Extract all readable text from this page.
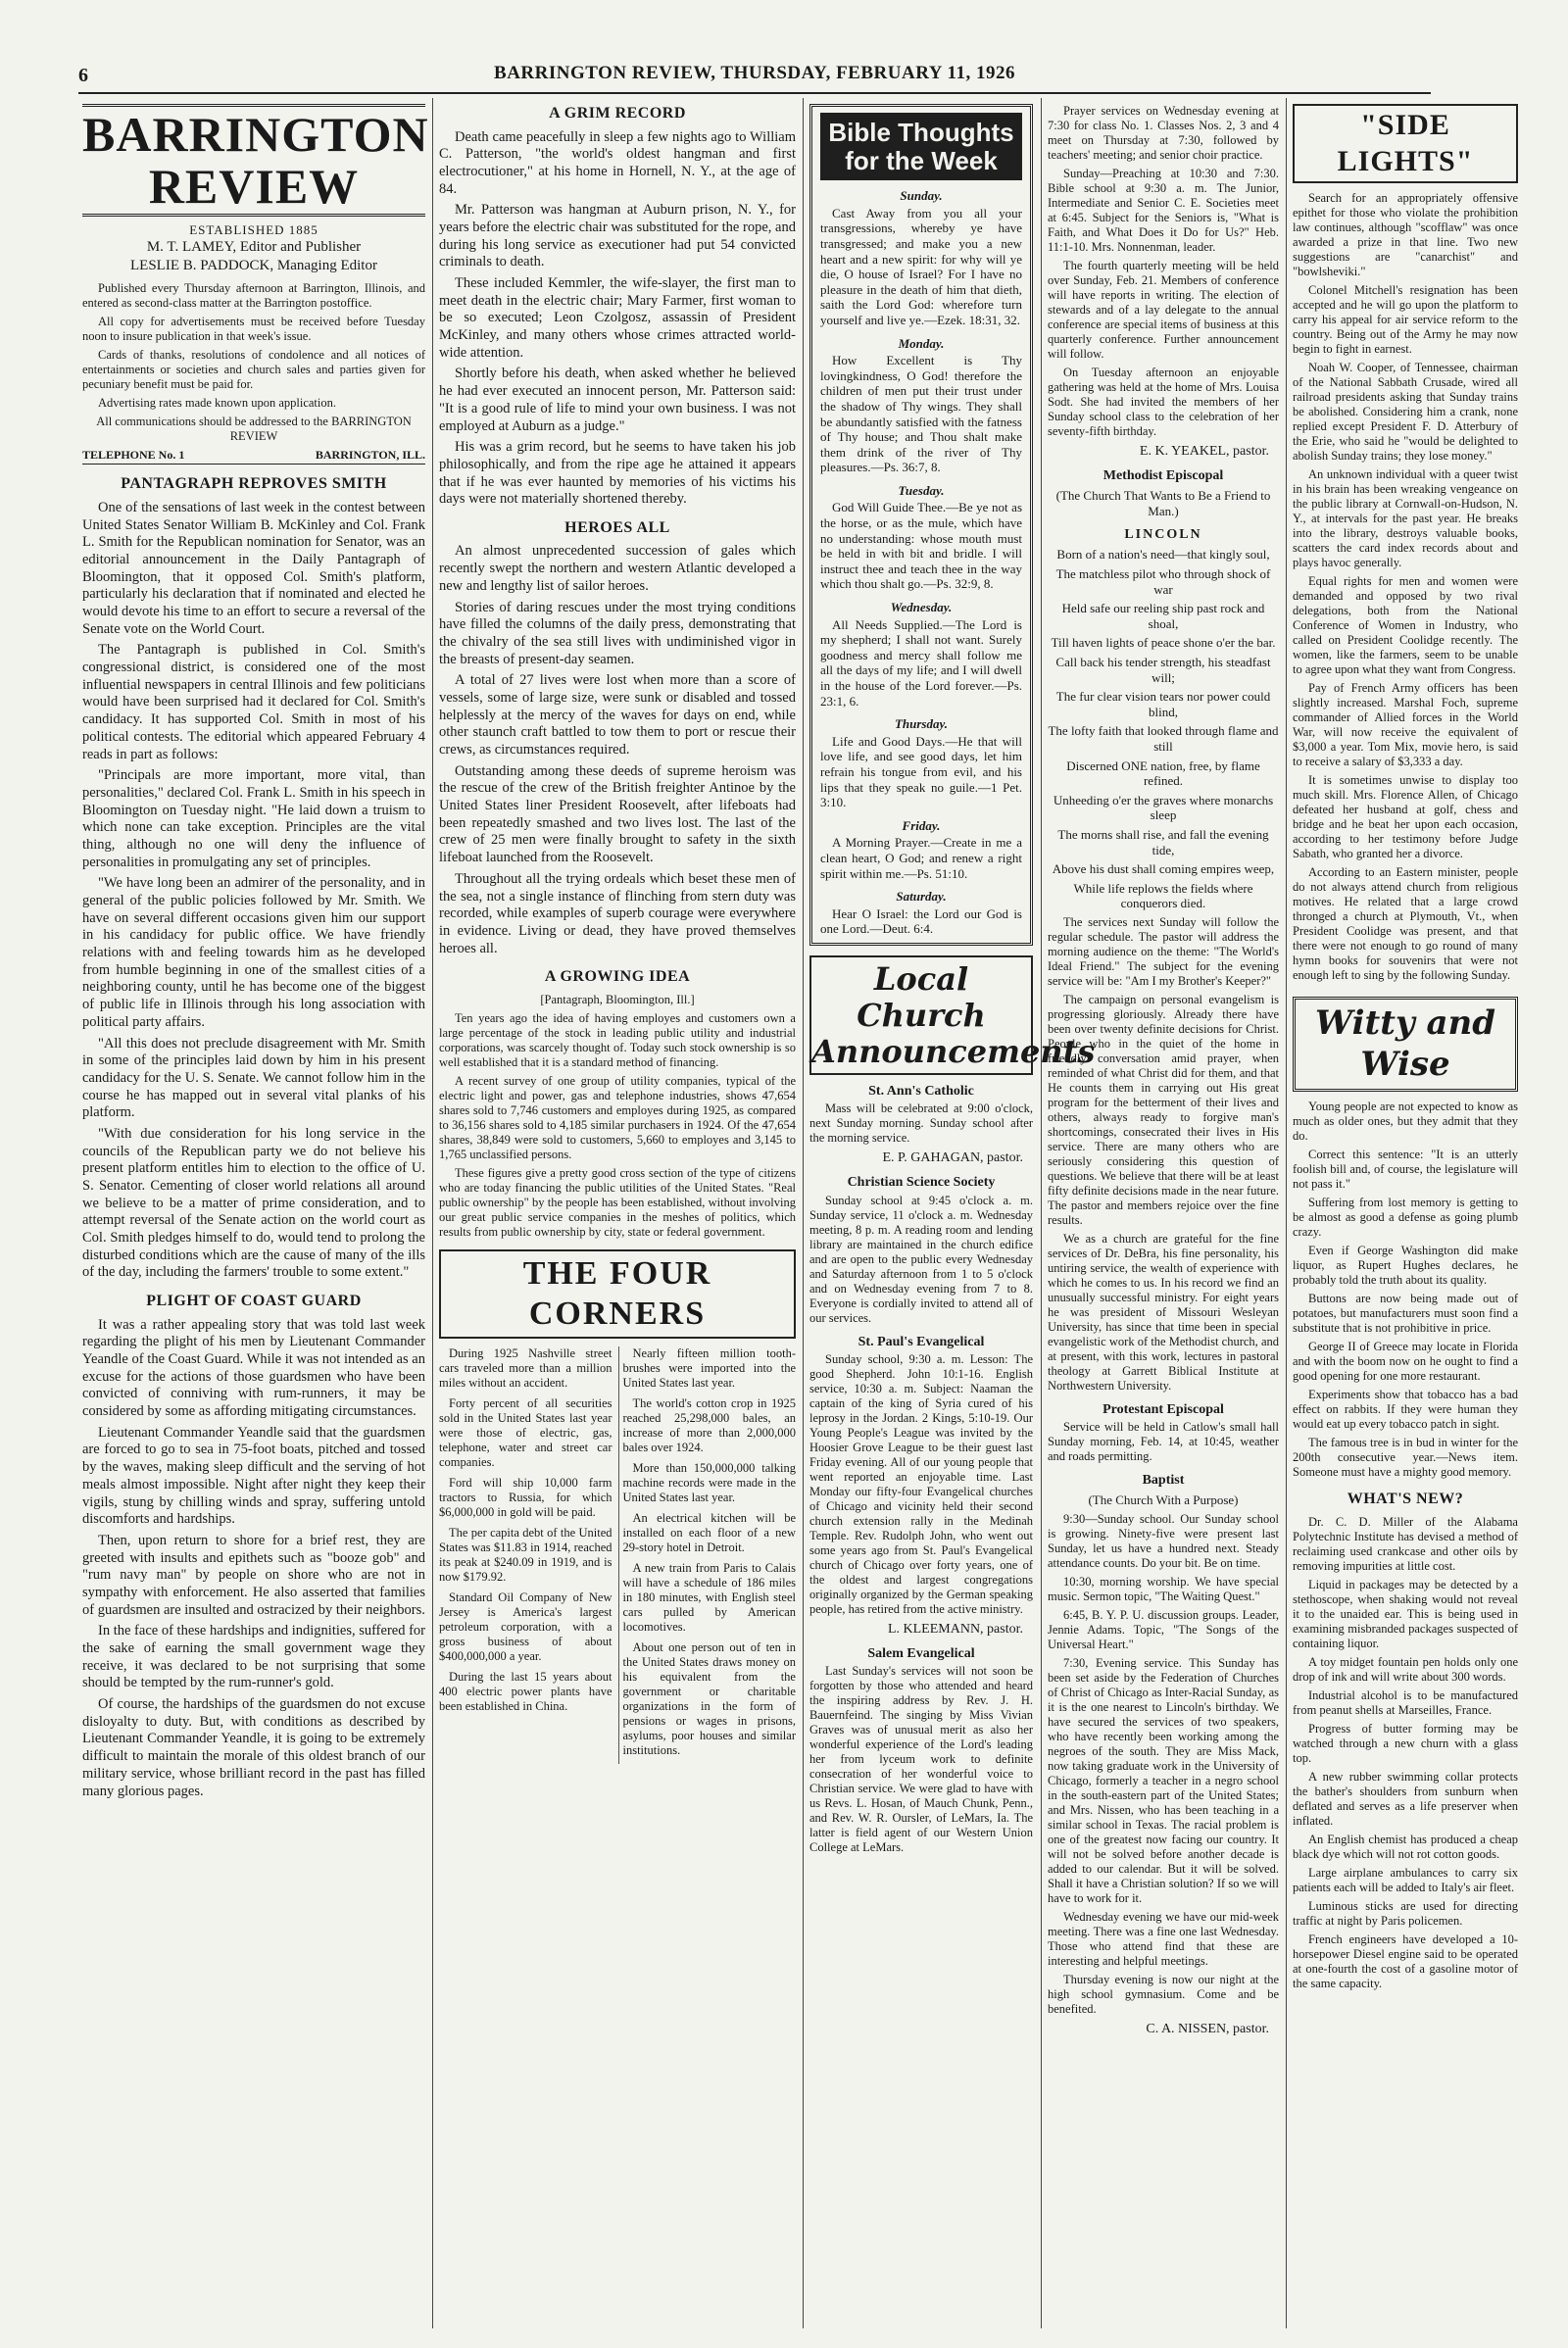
6	BARRINGTON REVIEW, THURSDAY, FEBRUARY 11, 1926
BARRINGTON REVIEW
ESTABLISHED 1885
M. T. LAMEY, Editor and Publisher
LESLIE B. PADDOCK, Managing Editor

Published every Thursday afternoon at Barrington, Illinois, and entered as second-class matter at the Barrington postoffice.

All copy for advertisements must be received before Tuesday noon to insure publication in that week's issue.

Cards of thanks, resolutions of condolence and all notices of entertainments or societies and church sales and parties given for pecuniary benefit must be paid for.

Advertising rates made known upon application.

All communications should be addressed to the BARRINGTON REVIEW

TELEPHONE No. 1	BARRINGTON, ILL.
PANTAGRAPH REPROVES SMITH

One of the sensations of last week in the contest between United States Senator William B. McKinley and Col. Frank L. Smith for the Republican nomination for Senator, was an editorial announcement in the Daily Pantagraph of Bloomington, that it opposed Col. Smith's platform, particularly his declaration that if nominated and elected he would devote his time to an effort to secure a reversal of the Senate vote on the World Court.

The Pantagraph is published in Col. Smith's congressional district, is considered one of the most influential newspapers in central Illinois and few politicians would have been surprised had it declared for Col. Smith's candidacy. It has supported Col. Smith in most of his political contests. The editorial which appeared February 4 reads in part as follows:

"Principals are more important, more vital, than personalities," declared Col. Frank L. Smith in his speech in Bloomington on Tuesday night. "He laid down a truism to which none can take exception. Principles are the vital thing, although no one will deny the influence of personalities in promulgating any set of principles.

"We have long been an admirer of the personality, and in general of the public policies followed by Mr. Smith. We have on several different occasions given him our support in his candidacy for public office. We have friendly relations with and feeling towards him as he developed from humble beginning in one of the smallest cities of a neighboring county, until he has become one of the biggest of public life in Illinois through his long association with political party affairs.

"All this does not preclude disagreement with Mr. Smith in some of the principles laid down by him in his present candidacy for the U. S. Senate. We cannot follow him in the course he has mapped out in several vital planks of his platform.

"With due consideration for his long service in the councils of the Republican party we do not believe his present platform entitles him to election to the office of U. S. Senator. Cementing of closer world relations all around we believe to be a matter of prime consideration, and to attempt reversal of the Senate action on the world court as Col. Smith pledges himself to do, would tend to prolong the disturbed conditions which are the cause of many of the ills of the day, including the farmers' trouble to some extent."

PLIGHT OF COAST GUARD

It was a rather appealing story that was told last week regarding the plight of his men by Lieutenant Commander Yeandle of the Coast Guard. While it was not intended as an excuse for the actions of those guardsmen who have been convicted of conniving with rum-runners, it may be considered by some as affording mitigating circumstances.

Lieutenant Commander Yeandle said that the guardsmen are forced to go to sea in 75-foot boats, pitched and tossed by the waves, making sleep difficult and the serving of hot meals almost impossible. Night after night they keep their vigils, stung by chilling winds and spray, suffering untold discomforts and hardships.

Then, upon return to shore for a brief rest, they are greeted with insults and epithets such as "booze gob" and "rum navy man" by people on shore who are not in sympathy with enforcement. He also asserted that families of guardsmen are insulted and ostracized by their neighbors.

In the face of these hardships and indignities, suffered for the sake of earning the small government wage they receive, it was declared to be not surprising that some should be tempted by the rum-runner's gold.

Of course, the hardships of the guardsmen do not excuse disloyalty to duty. But, with conditions as described by Lieutenant Commander Yeandle, it is going to be extremely difficult to maintain the morale of this oldest branch of our military service, whose brilliant record in the past has filled many glorious pages.

A GRIM RECORD

Death came peacefully in sleep a few nights ago to William C. Patterson, "the world's oldest hangman and first electrocutioner," at his home in Hornell, N. Y., at the age of 84.

Mr. Patterson was hangman at Auburn prison, N. Y., for years before the electric chair was substituted for the rope, and during his long service as executioner had put 54 convicted criminals to death.

These included Kemmler, the wife-slayer, the first man to meet death in the electric chair; Mary Farmer, first woman to be so executed; Leon Czolgosz, assassin of President McKinley, and many others whose crimes attracted world-wide attention.

Shortly before his death, when asked whether he believed he had ever executed an innocent person, Mr. Patterson said: "It is a good rule of life to mind your own business. I was not employed at Auburn as a judge."

His was a grim record, but he seems to have taken his job philosophically, and from the ripe age he attained it appears that if he was ever haunted by memories of his victims his days were not materially shortened thereby.

HEROES ALL

An almost unprecedented succession of gales which recently swept the northern and western Atlantic developed a new and lengthy list of sailor heroes.

Stories of daring rescues under the most trying conditions have filled the columns of the daily press, demonstrating that the chivalry of the sea still lives with undiminished vigor in the breasts of present-day seamen.

A total of 27 lives were lost when more than a score of vessels, some of large size, were sunk or disabled and tossed helplessly at the mercy of the waves for days on end, while other staunch craft battled to tow them to port or rescue their crews, as circumstances required.

Outstanding among these deeds of supreme heroism was the rescue of the crew of the British freighter Antinoe by the United States liner President Roosevelt, after lifeboats had been repeatedly smashed and two lives lost. The last of the crew of 25 men were finally brought to safety in the sixth lifeboat launched from the Roosevelt.

Throughout all the trying ordeals which beset these men of the sea, not a single instance of flinching from stern duty was recorded, while examples of superb courage were everywhere in evidence. Living or dead, they have proved themselves heroes all.

A GROWING IDEA

[Pantagraph, Bloomington, Ill.]

Ten years ago the idea of having employes and customers own a large percentage of the stock in leading public utility and industrial corporations, was scarcely thought of. Today such stock ownership is so well established that it is a standard method of financing.

A recent survey of one group of utility companies, typical of the electric light and power, gas and telephone industries, shows 47,654 shares sold to 7,746 customers and employes during 1925, as compared to 36,156 shares sold to 4,185 similar purchasers in 1924. Of the 47,654 shares, 38,849 were sold to customers, 5,660 to employes and 3,145 to 1,765 unclassified persons.

These figures give a pretty good cross section of the type of citizens who are today financing the public utilities of the United States. "Real public ownership" by the people has been established, without involving our great public service companies in the meshes of politics, which results from public ownership by city, state or federal government.

THE FOUR CORNERS

During 1925 Nashville street cars traveled more than a million miles without an accident.

Forty percent of all securities sold in the United States last year were those of electric, gas, telephone, water and street car companies.

Ford will ship 10,000 farm tractors to Russia, for which $6,000,000 in gold will be paid.

The per capita debt of the United States was $11.83 in 1914, reached its peak at $240.09 in 1919, and is now $179.92.

Standard Oil Company of New Jersey is America's largest petroleum corporation, with a gross business of about $400,000,000 a year.

During the last 15 years about 400 electric power plants have been established in China.

Nearly fifteen million tooth-brushes were imported into the United States last year.

The world's cotton crop in 1925 reached 25,298,000 bales, an increase of more than 2,000,000 bales over 1924.

More than 150,000,000 talking machine records were made in the United States last year.

An electrical kitchen will be installed on each floor of a new 29-story hotel in Detroit.

A new train from Paris to Calais will have a schedule of 186 miles in 180 minutes, with English steel cars pulled by American locomotives.

About one person out of ten in the United States draws money on his equivalent from the government or charitable organizations in the form of pensions or wages in prisons, asylums, poor houses and similar institutions.

Bible Thoughts for the Week
Sunday.

Cast Away from you all your transgressions, whereby ye have transgressed; and make you a new heart and a new spirit: for why will ye die, O house of Israel? For I have no pleasure in the death of him that dieth, saith the Lord God: wherefore turn yourself and live ye.—Ezek. 18:31, 32.

Monday.

How Excellent is Thy lovingkindness, O God! therefore the children of men put their trust under the shadow of Thy wings. They shall be abundantly satisfied with the fatness of Thy house; and Thou shalt make them drink of the river of Thy pleasures.—Ps. 36:7, 8.

Tuesday.

God Will Guide Thee.—Be ye not as the horse, or as the mule, which have no understanding: whose mouth must be held in with bit and bridle. I will instruct thee and teach thee in the way which thou shalt go.—Ps. 32:9, 8.

Wednesday.

All Needs Supplied.—The Lord is my shepherd; I shall not want. Surely goodness and mercy shall follow me all the days of my life; and I will dwell in the house of the Lord forever.—Ps. 23:1, 6.

Thursday.

Life and Good Days.—He that will love life, and see good days, let him refrain his tongue from evil, and his lips that they speak no guile.—1 Pet. 3:10.

Friday.

A Morning Prayer.—Create in me a clean heart, O God; and renew a right spirit within me.—Ps. 51:10.

Saturday.

Hear O Israel: the Lord our God is one Lord.—Deut. 6:4.

Local Church Announcements
St. Ann's Catholic

Mass will be celebrated at 9:00 o'clock, next Sunday morning. Sunday school after the morning service.

E. P. GAHAGAN, pastor.
Christian Science Society

Sunday school at 9:45 o'clock a. m. Sunday service, 11 o'clock a. m. Wednesday meeting, 8 p. m. A reading room and lending library are maintained in the church edifice and are open to the public every Wednesday and Saturday afternoon from 1 to 5 o'clock and on Wednesday evening from 7 to 8. Everyone is cordially invited to attend all of our services.

St. Paul's Evangelical

Sunday school, 9:30 a. m. Lesson: The good Shepherd. John 10:1-16. English service, 10:30 a. m. Subject: Naaman the captain of the king of Syria cured of his leprosy in the Jordan. 2 Kings, 5:10-19. Our Young People's League was invited by the Hoosier Grove League to be their guest last Friday evening. All of our young people that went reported an enjoyable time. Last Monday our fifty-four Evangelical churches of Chicago and vicinity held their second church extension rally in the Medinah Temple. Rev. Rudolph John, who went out some years ago from St. Paul's Evangelical church of Chicago over forty years, one of the oldest and largest congregations originally organized by the German speaking people, has retired from the active ministry.

L. KLEEMANN, pastor.
Salem Evangelical

Last Sunday's services will not soon be forgotten by those who attended and heard the inspiring address by Rev. J. H. Bauernfeind. The singing by Miss Vivian Graves was of unusual merit as also her wonderful experience of the Lord's leading her from lyceum work to definite consecration of her wonderful voice to Christian service. We were glad to have with us Revs. L. Hosan, of Mauch Chunk, Penn., and Rev. W. R. Oursler, of LeMars, Ia. The latter is field agent of our Western Union College at LeMars.

Prayer services on Wednesday evening at 7:30 for class No. 1. Classes Nos. 2, 3 and 4 meet on Thursday at 7:30, followed by teachers' meeting; and senior choir practice.

Sunday—Preaching at 10:30 and 7:30. Bible school at 9:30 a. m. The Junior, Intermediate and Senior C. E. Societies meet at 6:45. Subject for the Seniors is, "What is Faith, and What Does it Do for Us?" Heb. 11:1-10. Mrs. Nonnenman, leader.

The fourth quarterly meeting will be held over Sunday, Feb. 21. Members of conference will have reports in writing. The election of stewards and of a lay delegate to the annual conference are special items of business at this quarterly conference. Further announcement will follow.

On Tuesday afternoon an enjoyable gathering was held at the home of Mrs. Louisa Sodt. She had invited the members of her Sunday school class to the celebration of her seventy-fifth birthday.

E. K. YEAKEL, pastor.
Methodist Episcopal
(The Church That Wants to Be a Friend to Man.)
LINCOLN
Born of a nation's need—that kingly soul,
The matchless pilot who through shock of war
Held safe our reeling ship past rock and shoal,
Till haven lights of peace shone o'er the bar.
Call back his tender strength, his steadfast will;
The fur clear vision tears nor power could blind,
The lofty faith that looked through flame and still
Discerned ONE nation, free, by flame refined.
Unheeding o'er the graves where monarchs sleep
The morns shall rise, and fall the evening tide,
Above his dust shall coming empires weep,
While life replows the fields where conquerors died.

The services next Sunday will follow the regular schedule. The pastor will address the morning audience on the theme: "The World's Ideal Friend." The subject for the evening service will be: "Am I my Brother's Keeper?"

The campaign on personal evangelism is progressing gloriously. Already there have been over twenty definite decisions for Christ. People who in the quiet of the home in friendly conversation amid prayer, when reminded of what Christ did for them, and that He counts them in carrying out His great program for the betterment of their lives and others, always ready to forgive man's shortcomings, consecrated their lives in His service. There are many others who are seriously considering this question of questions. We believe that there will be at least fifty definite decisions made in the near future. The pastor and members rejoice over the fine results.

We as a church are grateful for the fine services of Dr. DeBra, his fine personality, his untiring service, the wealth of experience with which he comes to us. In his record we find an unusually successful ministry. For eight years he was president of Missouri Wesleyan University, has since that time been in special evangelistic work of the Methodist church, and at present, with this work, lectures in pastoral theology at Garrett Biblical Institute at Northwestern University.

Protestant Episcopal

Service will be held in Catlow's small hall Sunday morning, Feb. 14, at 10:45, weather and roads permitting.

Baptist
(The Church With a Purpose)

9:30—Sunday school. Our Sunday school is growing. Ninety-five were present last Sunday, let us have a hundred next. Steady attendance counts. Do your bit. Be on time.

10:30, morning worship. We have special music. Sermon topic, "The Waiting Quest."

6:45, B. Y. P. U. discussion groups. Leader, Jennie Adams. Topic, "The Songs of the Universal Heart."

7:30, Evening service. This Sunday has been set aside by the Federation of Churches of Christ of Chicago as Inter-Racial Sunday, as it is the one nearest to Lincoln's birthday. We have secured the services of two speakers, who have recently been working among the negroes of the south. They are Miss Mack, now taking graduate work in the University of Chicago, formerly a teacher in a negro school in the south-eastern part of the United States; and Mrs. Nissen, who has been teaching in a similar school in Texas. The racial problem is one of the greatest now facing our country. It will not be solved before another decade is added to our calendar. But it will be solved. Shall it have a Christian solution? If so we will have to work for it.

Wednesday evening we have our mid-week meeting. There was a fine one last Wednesday. Those who attend find that these are interesting and helpful meetings.

Thursday evening is now our night at the high school gymnasium. Come and be benefited.

C. A. NISSEN, pastor.
"SIDE LIGHTS"

Search for an appropriately offensive epithet for those who violate the prohibition law continues, although "scofflaw" was once awarded a prize in that line. Two new suggestions are "canarchist" and "bowlsheviki."

Colonel Mitchell's resignation has been accepted and he will go upon the platform to carry his appeal for air service reform to the country. Being out of the Army he may now begin to fight in earnest.

Noah W. Cooper, of Tennessee, chairman of the National Sabbath Crusade, wired all railroad presidents asking that Sunday trains be abolished. Considering him a crank, none replied except President F. D. Atterbury of the Erie, who said he "would be delighted to abolish Sunday trains; they lose money."

An unknown individual with a queer twist in his brain has been wreaking vengeance on the public library at Cornwall-on-Hudson, N. Y., at intervals for the past year. He breaks into the library, destroys valuable books, scatters the card index records about and plays havoc generally.

Equal rights for men and women were demanded and opposed by two rival delegations, both from the National Conference of Women in Industry, who called on President Coolidge recently. The women, like the farmers, seem to be unable to agree upon what they want from Congress.

Pay of French Army officers has been slightly increased. Marshal Foch, supreme commander of Allied forces in the World War, will now receive the equivalent of $3,000 a year. Tom Mix, movie hero, is said to receive a salary of $3,333 a day.

It is sometimes unwise to display too much skill. Mrs. Florence Allen, of Chicago defeated her husband at golf, chess and bridge and he beat her upon each occasion, according to her testimony before Judge Sabath, who granted her a divorce.

According to an Eastern minister, people do not always attend church from religious motives. He related that a large crowd thronged a church at Plymouth, Vt., when President Coolidge was present, and that there were not enough to go round of many hymn books for souvenirs that were not enough left to sing by the following Sunday.

Witty and Wise

Young people are not expected to know as much as older ones, but they admit that they do.

Correct this sentence: "It is an utterly foolish bill and, of course, the legislature will not pass it."

Suffering from lost memory is getting to be almost as good a defense as going plumb crazy.

Even if George Washington did make liquor, as Rupert Hughes declares, he probably told the truth about its quality.

Buttons are now being made out of potatoes, but manufacturers must soon find a substitute that is not prohibitive in price.

George II of Greece may locate in Florida and with the boom now on he ought to find a good opening for one more restaurant.

Experiments show that tobacco has a bad effect on rabbits. If they were human they would eat up every tobacco patch in sight.

The famous tree is in bud in winter for the 200th consecutive year.—News item. Someone must have a mighty good memory.

WHAT'S NEW?

Dr. C. D. Miller of the Alabama Polytechnic Institute has devised a method of reclaiming used crankcase and other oils by removing impurities at little cost.

Liquid in packages may be detected by a stethoscope, when shaking would not reveal it to the unaided ear. This is being used in examining misbranded packages suspected of containing liquor.

A toy midget fountain pen holds only one drop of ink and will write about 300 words.

Industrial alcohol is to be manufactured from peanut shells at Marseilles, France.

Progress of butter forming may be watched through a new churn with a glass top.

A new rubber swimming collar protects the bather's shoulders from sunburn when deflated and serves as a life preserver when inflated.

An English chemist has produced a cheap black dye which will not rot cotton goods.

Large airplane ambulances to carry six patients each will be added to Italy's air fleet.

Luminous sticks are used for directing traffic at night by Paris policemen.

French engineers have developed a 10-horsepower Diesel engine said to be operated at one-fourth the cost of a gasoline motor of the same capacity.
